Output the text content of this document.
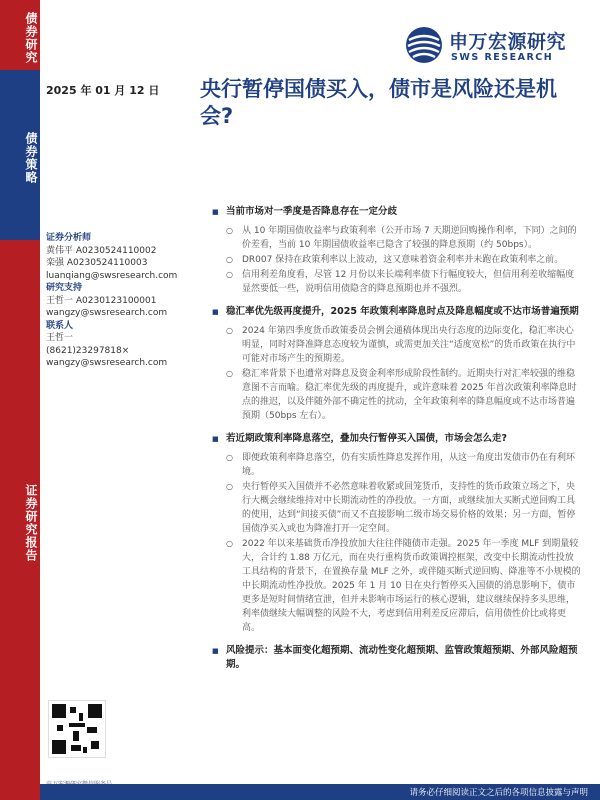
债券研究
债券策略
证券研究报告
申万宏源研究
SWS RESEARCH
2025 年 01 月 12 日 央行暂停国债买入，债市是风险还是机会?
证券分析师
黄伟平 A0230524110002
栾强 A0230524110003
luanqiang@swsresearch.com
研究支持
王哲一 A0230123100001
wangzy@swsresearch.com
联系人
王哲一
(8621)23297818×
wangzy@swsresearch.com
■ 当前市场对一季度是否降息存在一定分歧
○ 从 10 年期国债收益率与政策利率（公开市场 7 天期逆回购操作利率，下同）之间的价差看，当前 10 年期国债收益率已隐含了较强的降息预期（约 50bps）。
○ DR007 保持在政策利率以上波动，这又意味着资金利率并未跑在政策利率之前。
○ 信用利差角度看，尽管 12 月份以来长端利率债下行幅度较大，但信用利差收缩幅度显然要低一些，说明信用债隐含的降息预期也并不强烈。
■ 稳汇率优先级再度提升，2025 年政策利率降息时点及降息幅度或不达市场普遍预期
○ 2024 年第四季度货币政策委员会例会通稿体现出央行态度的边际变化，稳汇率决心明显，同时对降准降息态度较为谨慎，或需更加关注“适度宽松”的货币政策在执行中可能对市场产生的预期差。
○ 稳汇率背景下也遭常对降息及资金利率形成阶段性制约。近期央行对汇率较强的维稳意图不言而喻。稳汇率优先级的再度提升，或许意味着 2025 年首次政策利率降息时点的推迟，以及伴随外部不确定性的扰动，全年政策利率的降息幅度或不达市场普遍预期（50bps 左右）。
■ 若近期政策利率降息落空，叠加央行暂停买入国债，市场会怎么走?
○ 即便政策利率降息落空，仍有实质性降息发挥作用，从这一角度出发债市仍在有利环境。
○ 央行暂停买入国债并不必然意味着收紧或回笼货币，支持性的货币政策立场之下，央行大概会继续维持对中长期流动性的净投放。一方面，或继续加大买断式逆回购工具的使用，达到“间接买债”而又不直接影响二级市场交易价格的效果；另一方面，暂停国债净买入或也为降准打开一定空间。
○ 2022 年以来基础货币净投放加大往往伴随债市走强。2025 年一季度 MLF 到期量较大，合计约 1.88 万亿元，而在央行重构货币政策调控框架，改变中长期流动性投放工具结构的背景下，在置换存量 MLF 之外，或伴随买断式逆回购、降准等不小规模的中长期流动性净投放。2025 年 1 月 10 日在央行暂停买入国债的消息影响下，债市更多是短时间情绪宣泄，但并未影响市场运行的核心逻辑，建议继续保持多头思维，利率债继续大幅调整的风险不大，考虑到信用利差反应滞后，信用债性价比或将更高。
■ 风险提示：基本面变化超预期、流动性变化超预期、监管政策超预期、外部风险超预期。
请务必仔细阅读正文之后的各项信息披露与声明
